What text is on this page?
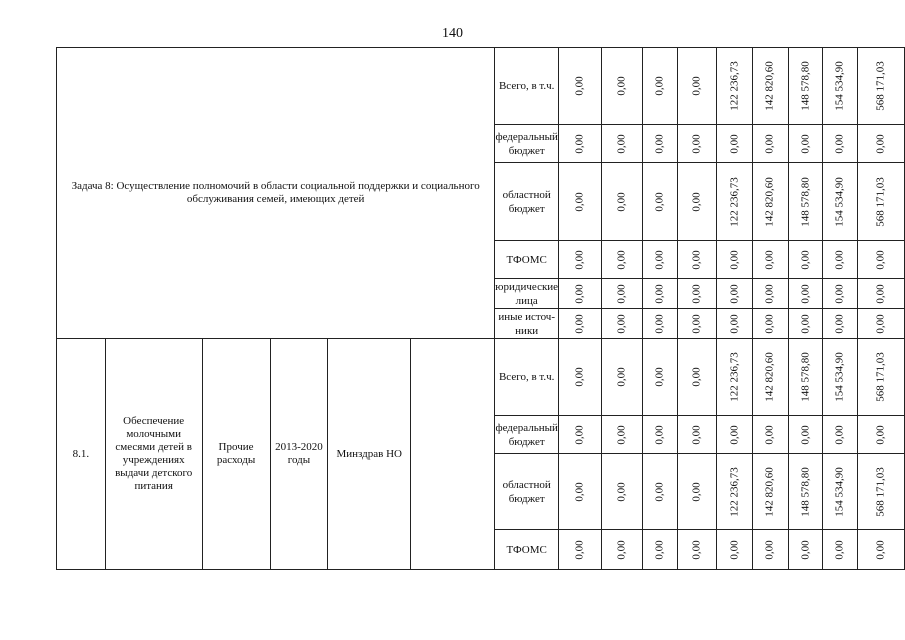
140
Задача 8: Осуществление полномочий в области социальной поддержки и социального обслуживания семей, имеющих детей						Всего, в т.ч.	0,00	0,00	0,00	0,00	122 236,73	142 820,60	148 578,80	154 534,90	568 171,03

						федеральный бюджет	0,00	0,00	0,00	0,00	0,00	0,00	0,00	0,00	0,00

						областной бюджет	0,00	0,00	0,00	0,00	122 236,73	142 820,60	148 578,80	154 534,90	568 171,03

						ТФОМС	0,00	0,00	0,00	0,00	0,00	0,00	0,00	0,00	0,00

						юридические лица	0,00	0,00	0,00	0,00	0,00	0,00	0,00	0,00	0,00

						иные источ-ники	0,00	0,00	0,00	0,00	0,00	0,00	0,00	0,00	0,00

8.1.	Обеспечение молочными смесями детей в учреждениях выдачи детского питания	Прочие расходы	2013-2020 годы	Минздрав НО		Всего, в т.ч.	0,00	0,00	0,00	0,00	122 236,73	142 820,60	148 578,80	154 534,90	568 171,03

						федеральный бюджет	0,00	0,00	0,00	0,00	0,00	0,00	0,00	0,00	0,00

						областной бюджет	0,00	0,00	0,00	0,00	122 236,73	142 820,60	148 578,80	154 534,90	568 171,03

						ТФОМС	0,00	0,00	0,00	0,00	0,00	0,00	0,00	0,00	0,00
